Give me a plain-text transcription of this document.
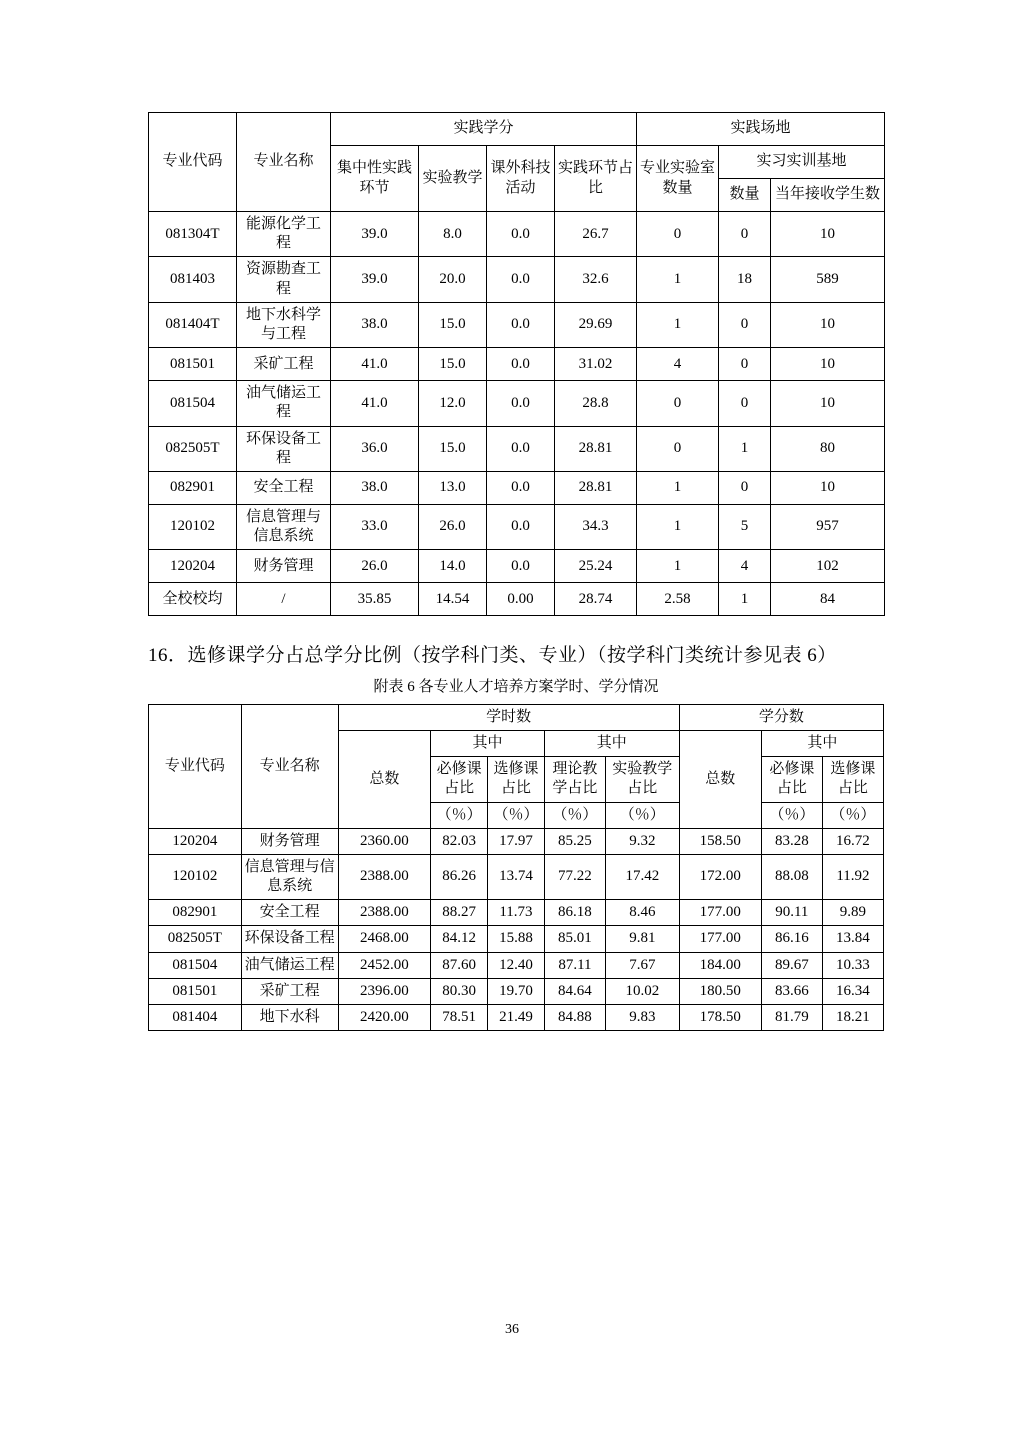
专业代码	专业名称	实践学分				实践场地		
		集中性实践环节	实验教学	课外科技活动	实践环节占比	专业实验室数量	实习实训基地	
							数量	当年接收学生数
081304T	能源化学工程	39.0	8.0	0.0	26.7	0	0	10
081403	资源勘查工程	39.0	20.0	0.0	32.6	1	18	589
081404T	地下水科学与工程	38.0	15.0	0.0	29.69	1	0	10
081501	采矿工程	41.0	15.0	0.0	31.02	4	0	10
081504	油气储运工程	41.0	12.0	0.0	28.8	0	0	10
082505T	环保设备工程	36.0	15.0	0.0	28.81	0	1	80
082901	安全工程	38.0	13.0	0.0	28.81	1	0	10
120102	信息管理与信息系统	33.0	26.0	0.0	34.3	1	5	957
120204	财务管理	26.0	14.0	0.0	25.24	1	4	102
全校校均	/	35.85	14.54	0.00	28.74	2.58	1	84
16．选修课学分占总学分比例（按学科门类、专业）（按学科门类统计参见表 6）
附表 6 各专业人才培养方案学时、学分情况
专业代码	专业名称	学时数					学分数		
		总数	其中		其中		总数	其中	
			必修课占比	选修课占比	理论教学占比	实验教学占比		必修课占比	选修课占比
			（％）	（％）	（％）	（％）		（％）	（％）
120204	财务管理	2360.00	82.03	17.97	85.25	9.32	158.50	83.28	16.72
120102	信息管理与信息系统	2388.00	86.26	13.74	77.22	17.42	172.00	88.08	11.92
082901	安全工程	2388.00	88.27	11.73	86.18	8.46	177.00	90.11	9.89
082505T	环保设备工程	2468.00	84.12	15.88	85.01	9.81	177.00	86.16	13.84
081504	油气储运工程	2452.00	87.60	12.40	87.11	7.67	184.00	89.67	10.33
081501	采矿工程	2396.00	80.30	19.70	84.64	10.02	180.50	83.66	16.34
081404	地下水科	2420.00	78.51	21.49	84.88	9.83	178.50	81.79	18.21
36
